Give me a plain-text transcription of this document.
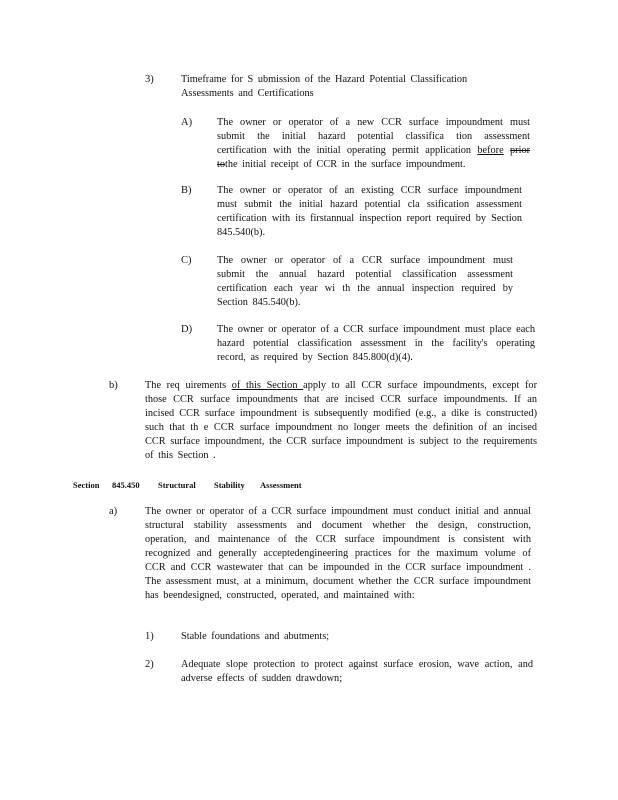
3)	Timeframe for S ubmission of the Hazard Potential Classification
Assessments and Certifications
A) The owner or operator of a new CCR surface impoundment must submit the initial hazard potential classifica tion assessment certification with the initial operating permit application before prior tothe initial receipt of CCR in the surface impoundment.
B) The owner or operator of an existing CCR surface impoundment must submit the initial hazard potential cla ssification assessment certification with its firstannual inspection report required by Section 845.540(b).
C) The owner or operator of a CCR surface impoundment must submit the annual hazard potential classification assessment certification each year wi th the annual inspection required by Section 845.540(b).
D) The owner or operator of a CCR surface impoundment must place each hazard potential classification assessment in the facility's operating record, as required by Section 845.800(d)(4).
b)	The req uirements of this Section apply to all CCR surface impoundments, except for those CCR surface impoundments that are incised CCR surface impoundments. If an incised CCR surface impoundment is subsequently modified (e.g., a dike is constructed) such that th e CCR surface impoundment no longer meets the definition of an incised CCR surface impoundment, the CCR surface impoundment is subject to the requirements of this Section .
Section 845.450 Structural Stability Assessment
a)	The owner or operator of a CCR surface impoundment must conduct initial and annual structural stability assessments and document whether the design, construction, operation, and maintenance of the CCR surface impoundment is consistent with recognized and generally acceptedengineering practices for the maximum volume of CCR and CCR wastewater that can be impounded in the CCR surface impoundment . The assessment must, at a minimum, document whether the CCR surface impoundment has beendesigned, constructed, operated, and maintained with:
1)	Stable foundations and abutments;
2)	Adequate slope protection to protect against surface erosion, wave action, and adverse effects of sudden drawdown;
